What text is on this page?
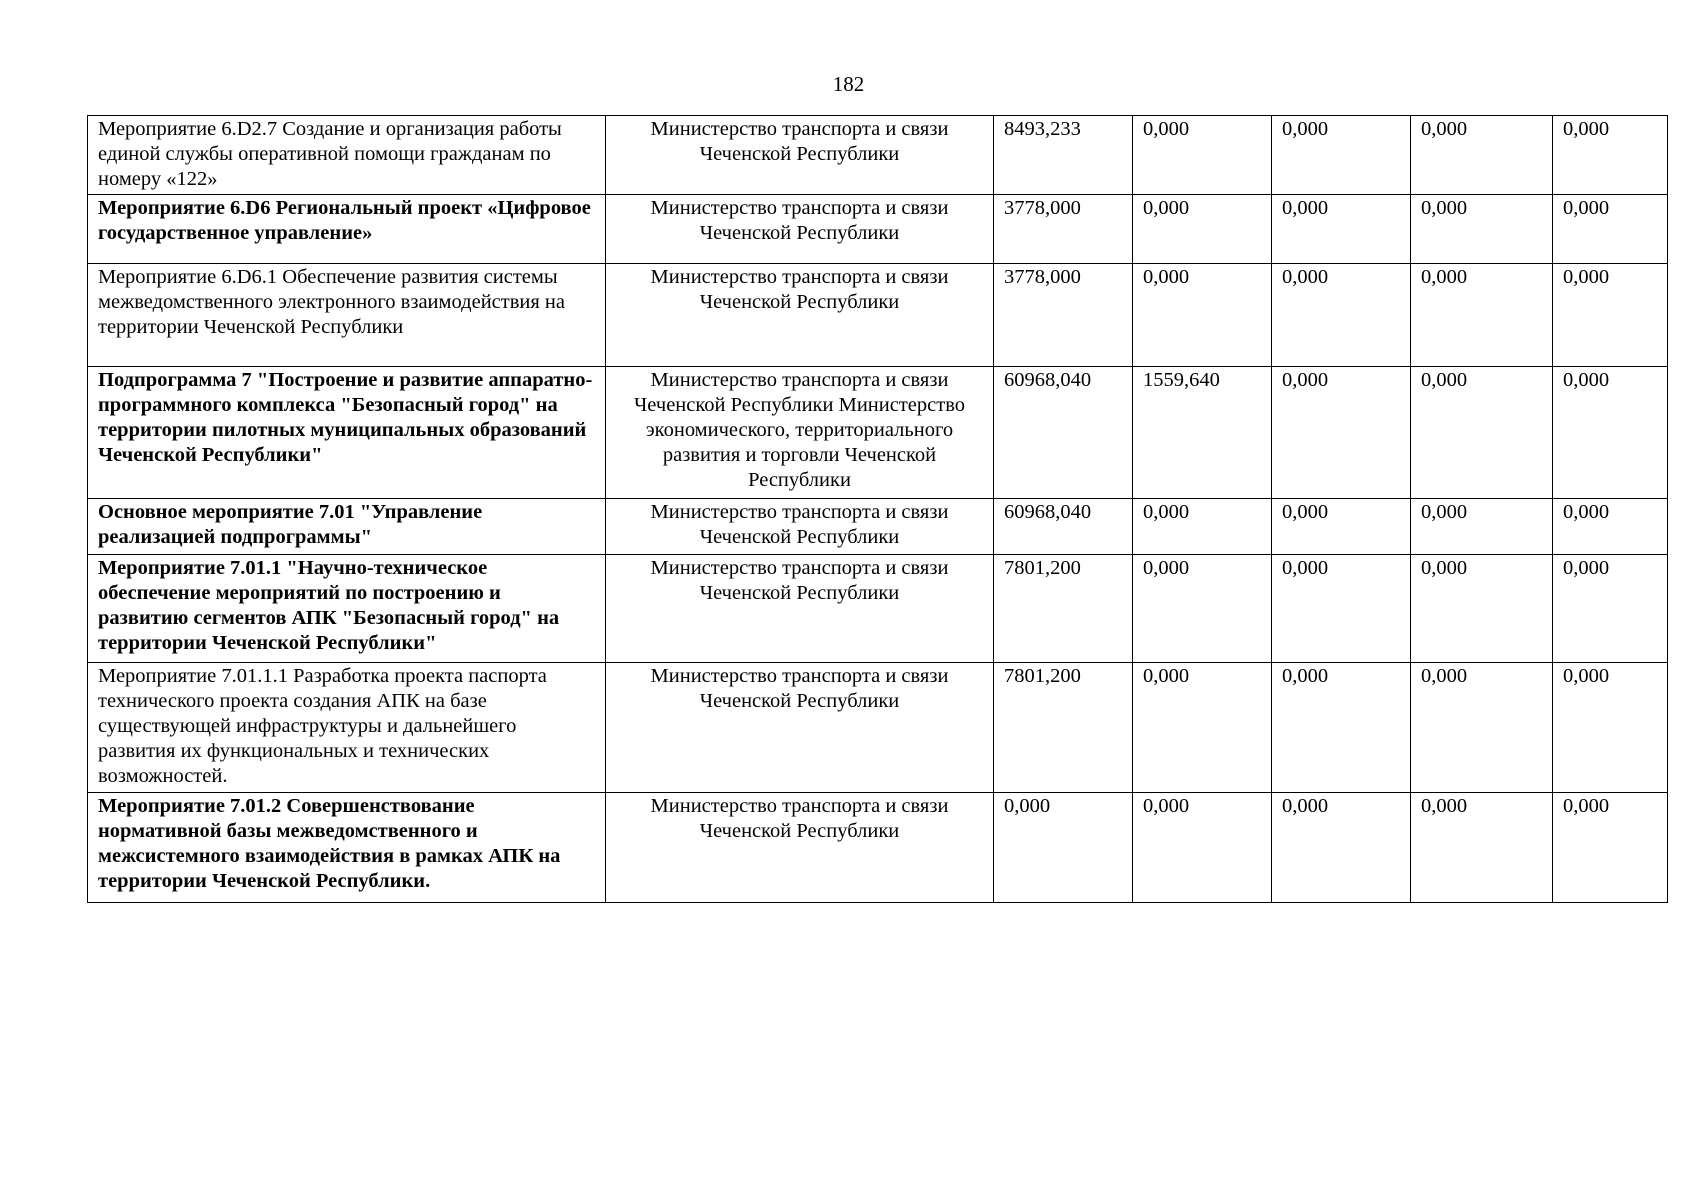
182
Мероприятие 6.D2.7 Создание и организация работы единой службы оперативной помощи гражданам по номеру «122»	Министерство транспорта и связи Чеченской Республики	8493,233	0,000	0,000	0,000	0,000
Мероприятие 6.D6 Региональный проект «Цифровое государственное управление»	Министерство транспорта и связи Чеченской Республики	3778,000	0,000	0,000	0,000	0,000
Мероприятие 6.D6.1 Обеспечение развития системы межведомственного электронного взаимодействия на территории Чеченской Республики	Министерство транспорта и связи Чеченской Республики	3778,000	0,000	0,000	0,000	0,000
Подпрограмма 7 "Построение и развитие аппаратно-программного комплекса "Безопасный город" на территории пилотных муниципальных образований Чеченской Республики"	Министерство транспорта и связи Чеченской Республики Министерство экономического, территориального развития и торговли Чеченской Республики	60968,040	1559,640	0,000	0,000	0,000
Основное мероприятие 7.01 "Управление реализацией подпрограммы"	Министерство транспорта и связи Чеченской Республики	60968,040	0,000	0,000	0,000	0,000
Мероприятие 7.01.1 "Научно-техническое обеспечение мероприятий по построению и развитию сегментов АПК "Безопасный город" на территории Чеченской Республики"	Министерство транспорта и связи Чеченской Республики	7801,200	0,000	0,000	0,000	0,000
Мероприятие 7.01.1.1 Разработка проекта паспорта технического проекта создания АПК на базе существующей инфраструктуры и дальнейшего развития их функциональных и технических возможностей.	Министерство транспорта и связи Чеченской Республики	7801,200	0,000	0,000	0,000	0,000
Мероприятие 7.01.2 Совершенствование нормативной базы межведомственного и межсистемного взаимодействия в рамках АПК на территории Чеченской Республики.	Министерство транспорта и связи Чеченской Республики	0,000	0,000	0,000	0,000	0,000
